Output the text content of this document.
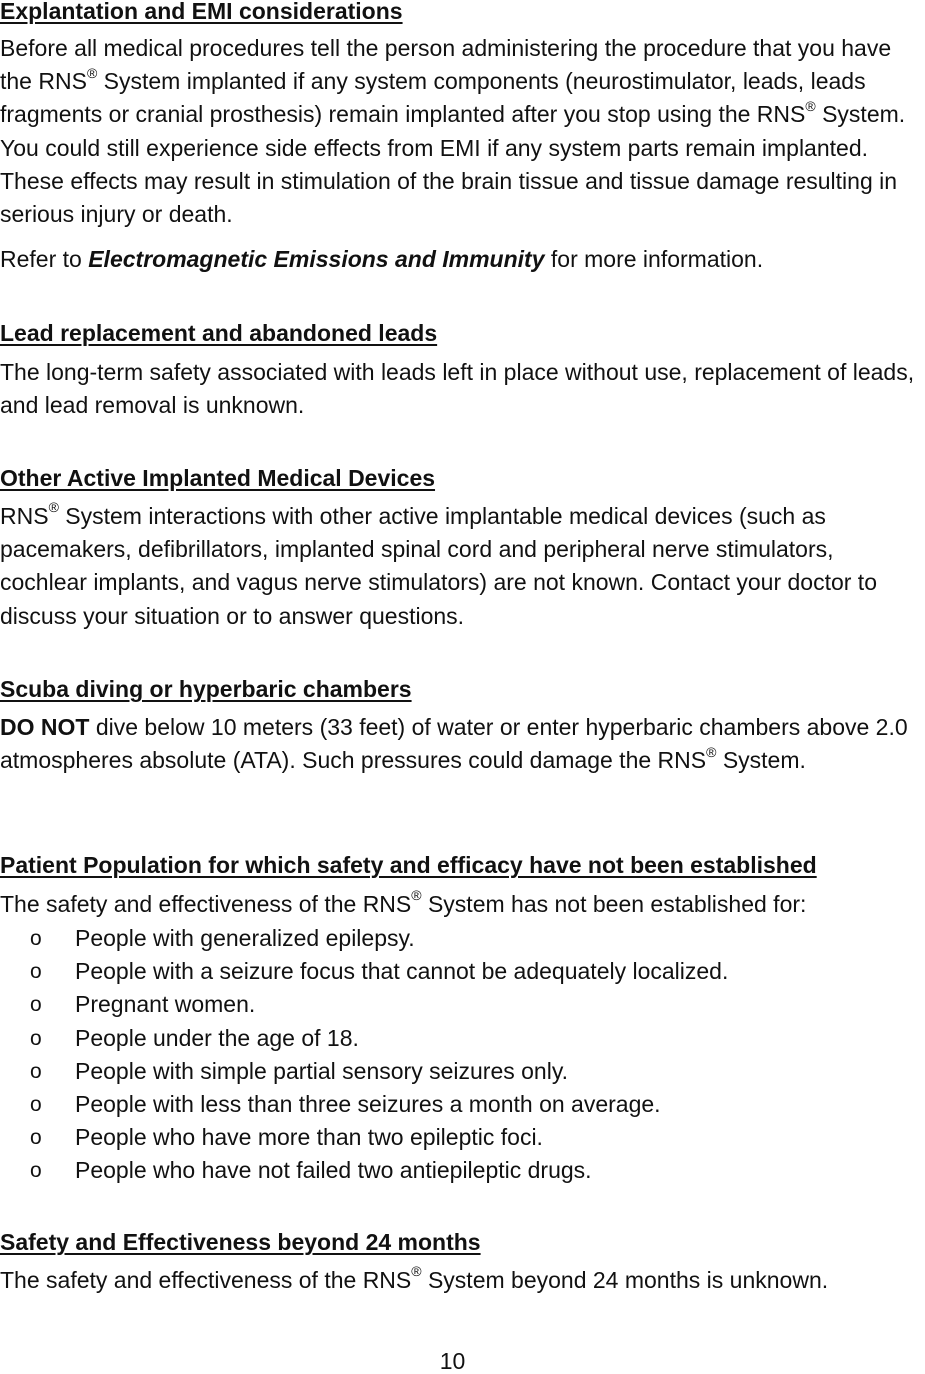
Explantation and EMI considerations
Before all medical procedures tell the person administering the procedure that you have the RNS® System implanted if any system components (neurostimulator, leads, leads fragments or cranial prosthesis) remain implanted after you stop using the RNS® System. You could still experience side effects from EMI if any system parts remain implanted. These effects may result in stimulation of the brain tissue and tissue damage resulting in serious injury or death.
Refer to Electromagnetic Emissions and Immunity for more information.
Lead replacement and abandoned leads
The long-term safety associated with leads left in place without use, replacement of leads, and lead removal is unknown.
Other Active Implanted Medical Devices
RNS® System interactions with other active implantable medical devices (such as pacemakers, defibrillators, implanted spinal cord and peripheral nerve stimulators, cochlear implants, and vagus nerve stimulators) are not known. Contact your doctor to discuss your situation or to answer questions.
Scuba diving or hyperbaric chambers
DO NOT dive below 10 meters (33 feet) of water or enter hyperbaric chambers above 2.0 atmospheres absolute (ATA). Such pressures could damage the RNS® System.
Patient Population for which safety and efficacy have not been established
The safety and effectiveness of the RNS® System has not been established for:
o People with generalized epilepsy.
o People with a seizure focus that cannot be adequately localized.
o Pregnant women.
o People under the age of 18.
o People with simple partial sensory seizures only.
o People with less than three seizures a month on average.
o People who have more than two epileptic foci.
o People who have not failed two antiepileptic drugs.
Safety and Effectiveness beyond 24 months
The safety and effectiveness of the RNS® System beyond 24 months is unknown.
10
